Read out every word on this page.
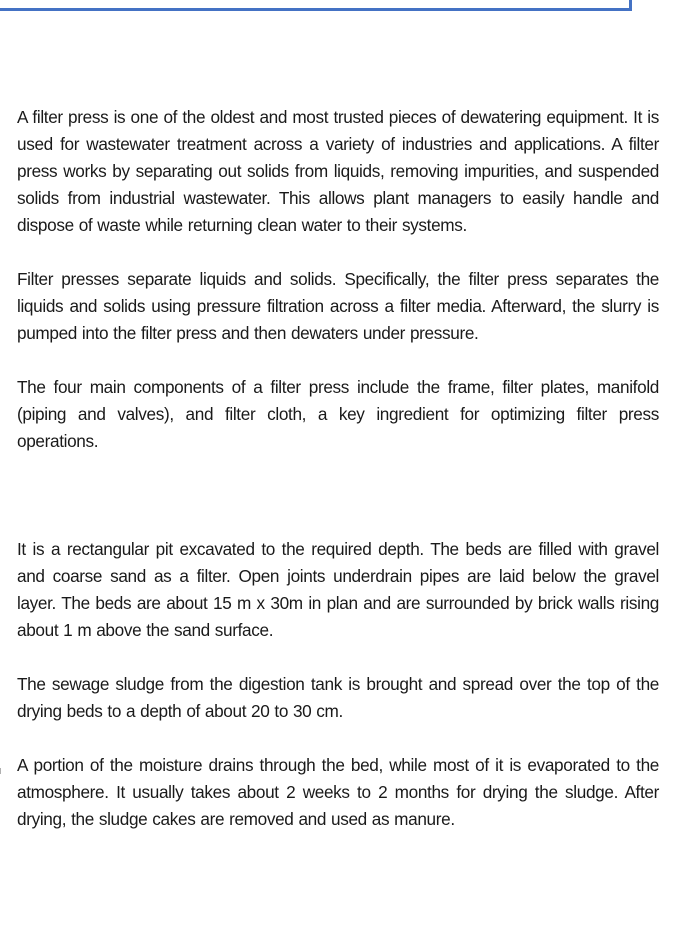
A filter press is one of the oldest and most trusted pieces of dewatering equipment. It is used for wastewater treatment across a variety of industries and applications. A filter press works by separating out solids from liquids, removing impurities, and suspended solids from industrial wastewater. This allows plant managers to easily handle and dispose of waste while returning clean water to their systems.

Filter presses separate liquids and solids. Specifically, the filter press separates the liquids and solids using pressure filtration across a filter media. Afterward, the slurry is pumped into the filter press and then dewaters under pressure.

The four main components of a filter press include the frame, filter plates, manifold (piping and valves), and filter cloth, a key ingredient for optimizing filter press operations.

It is a rectangular pit excavated to the required depth. The beds are filled with gravel and coarse sand as a filter. Open joints underdrain pipes are laid below the gravel layer. The beds are about 15 m x 30m in plan and are surrounded by brick walls rising about 1 m above the sand surface.

The sewage sludge from the digestion tank is brought and spread over the top of the drying beds to a depth of about 20 to 30 cm.

A portion of the moisture drains through the bed, while most of it is evaporated to the atmosphere. It usually takes about 2 weeks to 2 months for drying the sludge. After drying, the sludge cakes are removed and used as manure.
